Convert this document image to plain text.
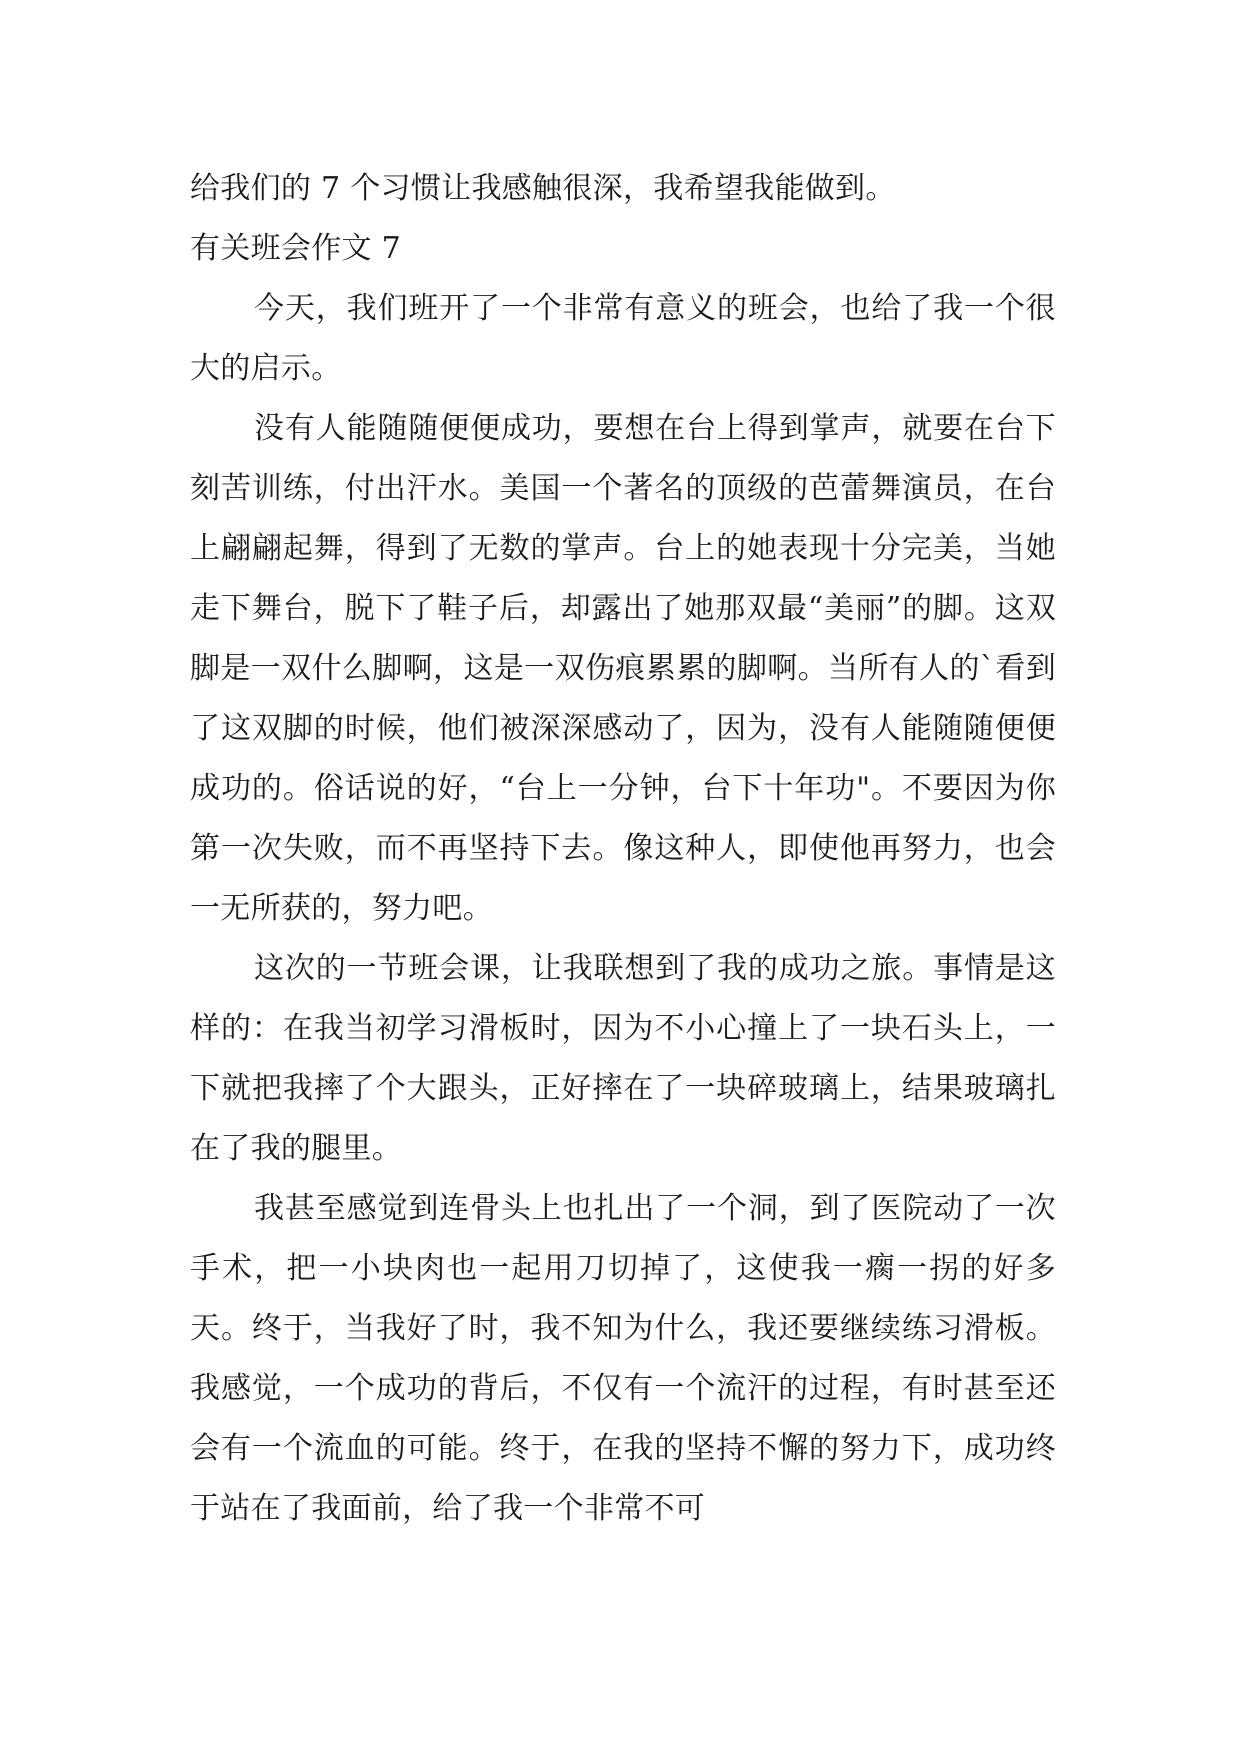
给我们的 7 个习惯让我感触很深，我希望我能做到。

有关班会作文 7

今天，我们班开了一个非常有意义的班会，也给了我一个很大的启示。

没有人能随随便便成功，要想在台上得到掌声，就要在台下刻苦训练，付出汗水。美国一个著名的顶级的芭蕾舞演员，在台上翩翩起舞，得到了无数的掌声。台上的她表现十分完美，当她走下舞台，脱下了鞋子后，却露出了她那双最“美丽”的脚。这双脚是一双什么脚啊，这是一双伤痕累累的脚啊。当所有人的`看到了这双脚的时候，他们被深深感动了，因为，没有人能随随便便成功的。俗话说的好，“台上一分钟，台下十年功"。不要因为你第一次失败，而不再坚持下去。像这种人，即使他再努力，也会一无所获的，努力吧。

这次的一节班会课，让我联想到了我的成功之旅。事情是这样的：在我当初学习滑板时，因为不小心撞上了一块石头上，一下就把我摔了个大跟头，正好摔在了一块碎玻璃上，结果玻璃扎在了我的腿里。

我甚至感觉到连骨头上也扎出了一个洞，到了医院动了一次手术，把一小块肉也一起用刀切掉了，这使我一瘸一拐的好多天。终于，当我好了时，我不知为什么，我还要继续练习滑板。我感觉，一个成功的背后，不仅有一个流汗的过程，有时甚至还会有一个流血的可能。终于，在我的坚持不懈的努力下，成功终于站在了我面前，给了我一个非常不可
